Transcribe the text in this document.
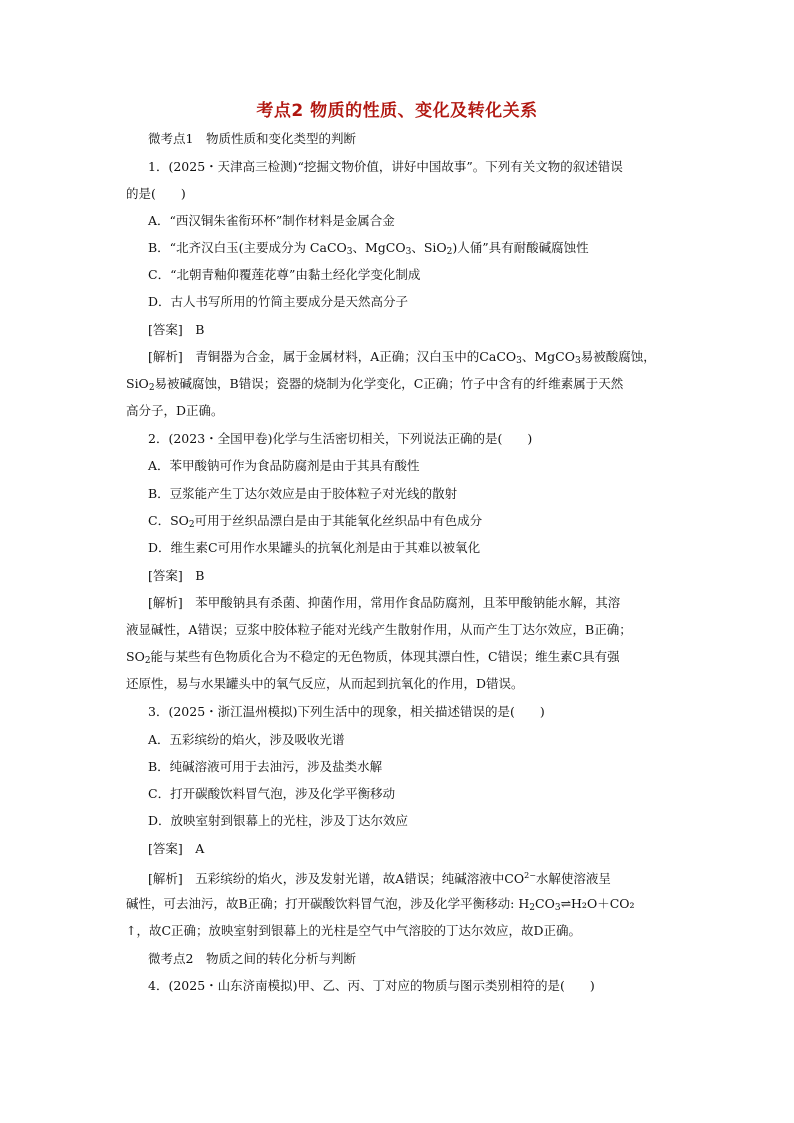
考点2 物质的性质、变化及转化关系
微考点1　物质性质和变化类型的判断
1．(2025・天津高三检测)“挖掘文物价值，讲好中国故事”。下列有关文物的叙述错误
的是(　　)
A．“西汉铜朱雀衔环杯”制作材料是金属合金
B．“北齐汉白玉(主要成分为 CaCO$_3$、MgCO$_3$、SiO$_2$)人俑”具有耐酸碱腐蚀性
C．“北朝青釉仰覆莲花尊”由黏土经化学变化制成
D．古人书写所用的竹简主要成分是天然高分子
[答案]　 B
[解析]　 青铜器为合金，属于金属材料，A正确；汉白玉中的CaCO$_3$、MgCO$_3$易被酸腐蚀，
SiO$_2$易被碱腐蚀，B错误；瓷器的烧制为化学变化，C正确；竹子中含有的纤维素属于天然
高分子，D正确。
2．(2023・全国甲卷)化学与生活密切相关，下列说法正确的是(　　)
A．苯甲酸钠可作为食品防腐剂是由于其具有酸性
B．豆浆能产生丁达尔效应是由于胶体粒子对光线的散射
C．$SO_2$可用于丝织品漂白是由于其能氧化丝织品中有色成分
D．维生素C可用作水果罐头的抗氧化剂是由于其难以被氧化
[答案]　 B
[解析]　 苯甲酸钠具有杀菌、抑菌作用，常用作食品防腐剂，且苯甲酸钠能水解，其溶
液显碱性，A错误；豆浆中胶体粒子能对光线产生散射作用，从而产生丁达尔效应，B正确；
$SO_2$能与某些有色物质化合为不稳定的无色物质，体现其漂白性，C错误；维生素C具有强
还原性，易与水果罐头中的氧气反应，从而起到抗氧化的作用，D错误。
3．(2025・浙江温州模拟)下列生活中的现象，相关描述错误的是(　　)
A．五彩缤纷的焰火，涉及吸收光谱
B．纯碱溶液可用于去油污，涉及盐类水解
C．打开碳酸饮料冒气泡，涉及化学平衡移动
D．放映室射到银幕上的光柱，涉及丁达尔效应
[答案]　 A
[解析]　 五彩缤纷的焰火，涉及发射光谱，故A错误；纯碱溶液中$CO^{2-}$水解使溶液呈
碱性，可去油污，故B正确；打开碳酸饮料冒气泡，涉及化学平衡移动: $H_2CO_3\rightleftharpoons H_2O+CO_2$
↑，故C正确；放映室射到银幕上的光柱是空气中气溶胶的丁达尔效应，故D正确。
微考点2　物质之间的转化分析与判断
4．(2025・山东济南模拟)甲、乙、丙、丁对应的物质与图示类别相符的是(　　)
